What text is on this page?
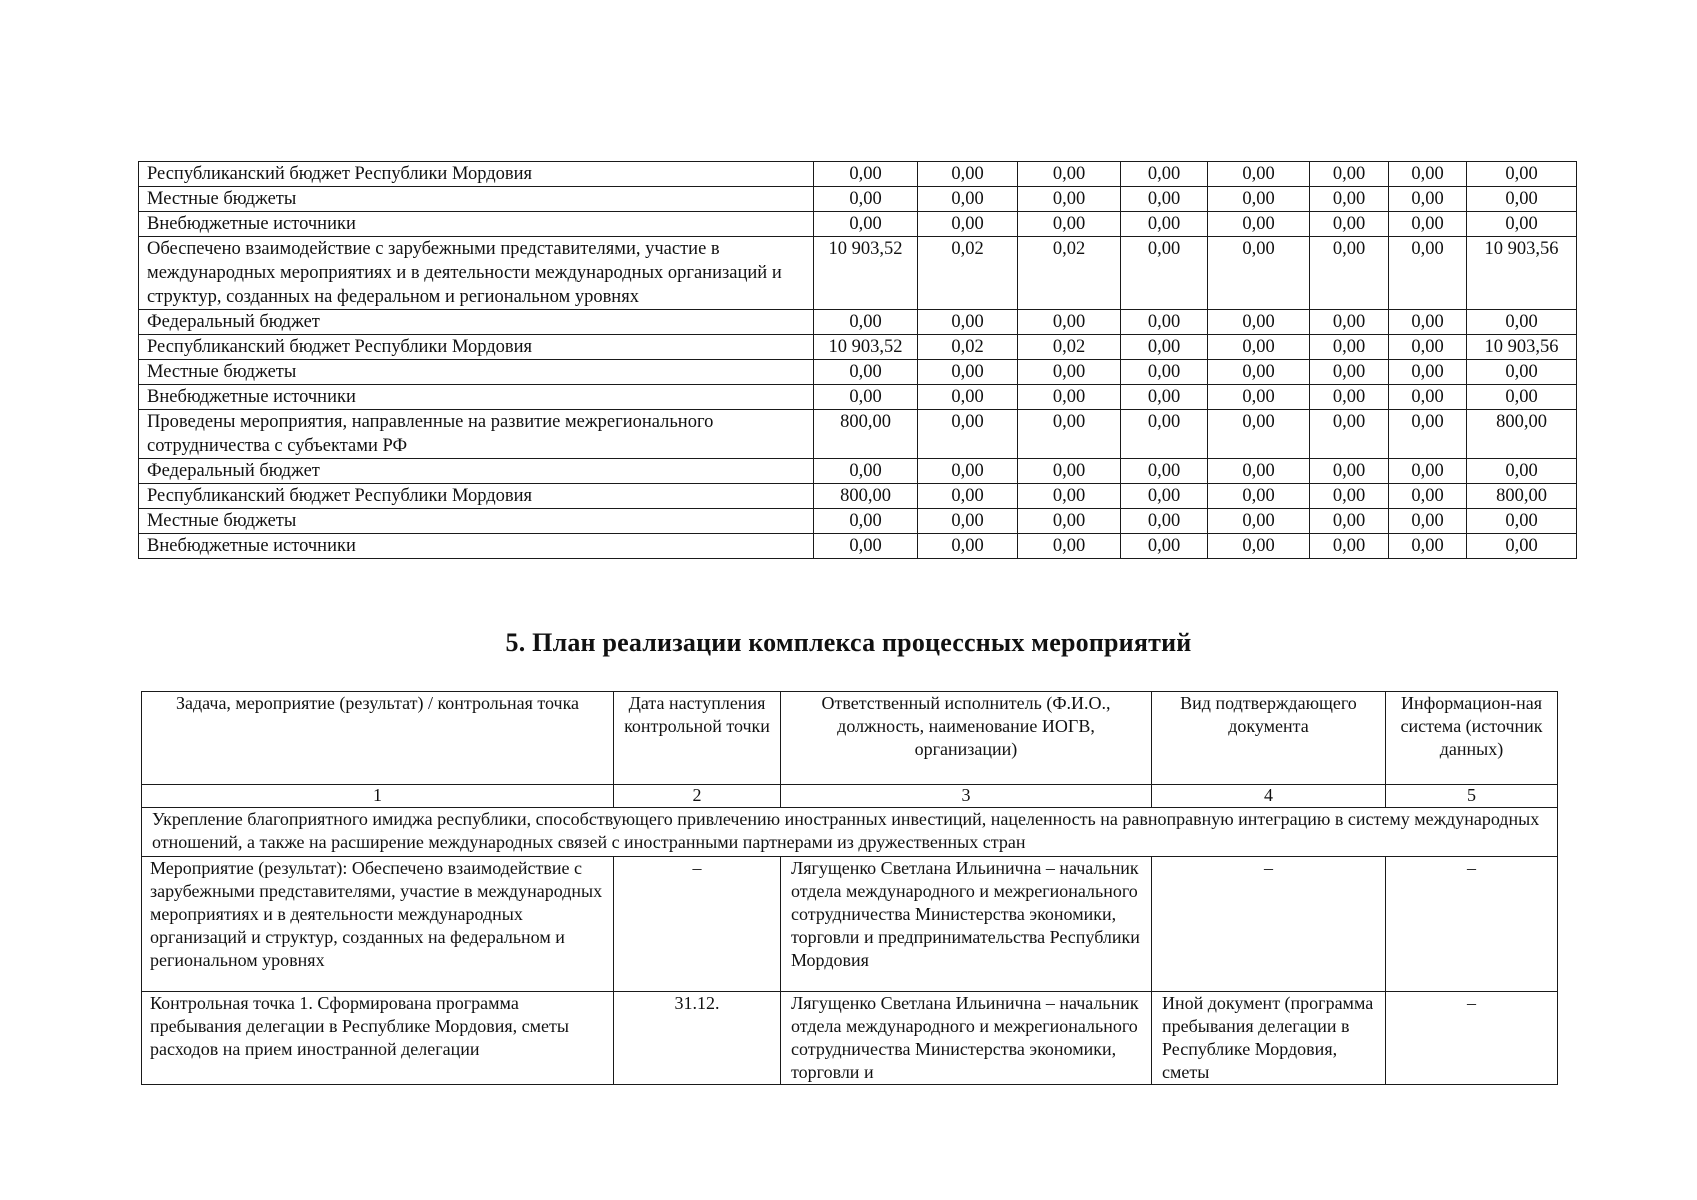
Республиканский бюджет Республики Мордовия	0,00	0,00	0,00	0,00	0,00	0,00	0,00	0,00
Местные бюджеты	0,00	0,00	0,00	0,00	0,00	0,00	0,00	0,00
Внебюджетные источники	0,00	0,00	0,00	0,00	0,00	0,00	0,00	0,00
Обеспечено взаимодействие с зарубежными представителями, участие в международных мероприятиях и в деятельности международных организаций и структур, созданных на федеральном и региональном уровнях	10 903,52	0,02	0,02	0,00	0,00	0,00	0,00	10 903,56
Федеральный бюджет	0,00	0,00	0,00	0,00	0,00	0,00	0,00	0,00
Республиканский бюджет Республики Мордовия	10 903,52	0,02	0,02	0,00	0,00	0,00	0,00	10 903,56
Местные бюджеты	0,00	0,00	0,00	0,00	0,00	0,00	0,00	0,00
Внебюджетные источники	0,00	0,00	0,00	0,00	0,00	0,00	0,00	0,00
Проведены мероприятия, направленные на развитие межрегионального сотрудничества с субъектами РФ	800,00	0,00	0,00	0,00	0,00	0,00	0,00	800,00
Федеральный бюджет	0,00	0,00	0,00	0,00	0,00	0,00	0,00	0,00
Республиканский бюджет Республики Мордовия	800,00	0,00	0,00	0,00	0,00	0,00	0,00	800,00
Местные бюджеты	0,00	0,00	0,00	0,00	0,00	0,00	0,00	0,00
Внебюджетные источники	0,00	0,00	0,00	0,00	0,00	0,00	0,00	0,00
5. План реализации комплекса процессных мероприятий
Задача, мероприятие (результат) / контрольная точка	Дата наступления контрольной точки	Ответственный исполнитель (Ф.И.О., должность, наименование ИОГВ, организации)	Вид подтверждающего документа	Информацион-ная система (источник данных)
1	2	3	4	5
Укрепление благоприятного имиджа республики, способствующего привлечению иностранных инвестиций, нацеленность на равноправную интеграцию в систему международных отношений, а также на расширение международных связей с иностранными партнерами из дружественных стран				
Мероприятие (результат): Обеспечено взаимодействие с зарубежными представителями, участие в международных мероприятиях и в деятельности международных организаций и структур, созданных на федеральном и региональном уровнях	–	Лягущенко Светлана Ильинична – начальник отдела международного и межрегионального сотрудничества Министерства экономики, торговли и предпринимательства Республики Мордовия	–	–
Контрольная точка 1. Сформирована программа пребывания делегации в Республике Мордовия, сметы расходов на прием иностранной делегации	31.12.	Лягущенко Светлана Ильинична – начальник отдела международного и межрегионального сотрудничества Министерства экономики, торговли и	Иной документ (программа пребывания делегации в Республике Мордовия, сметы	–
